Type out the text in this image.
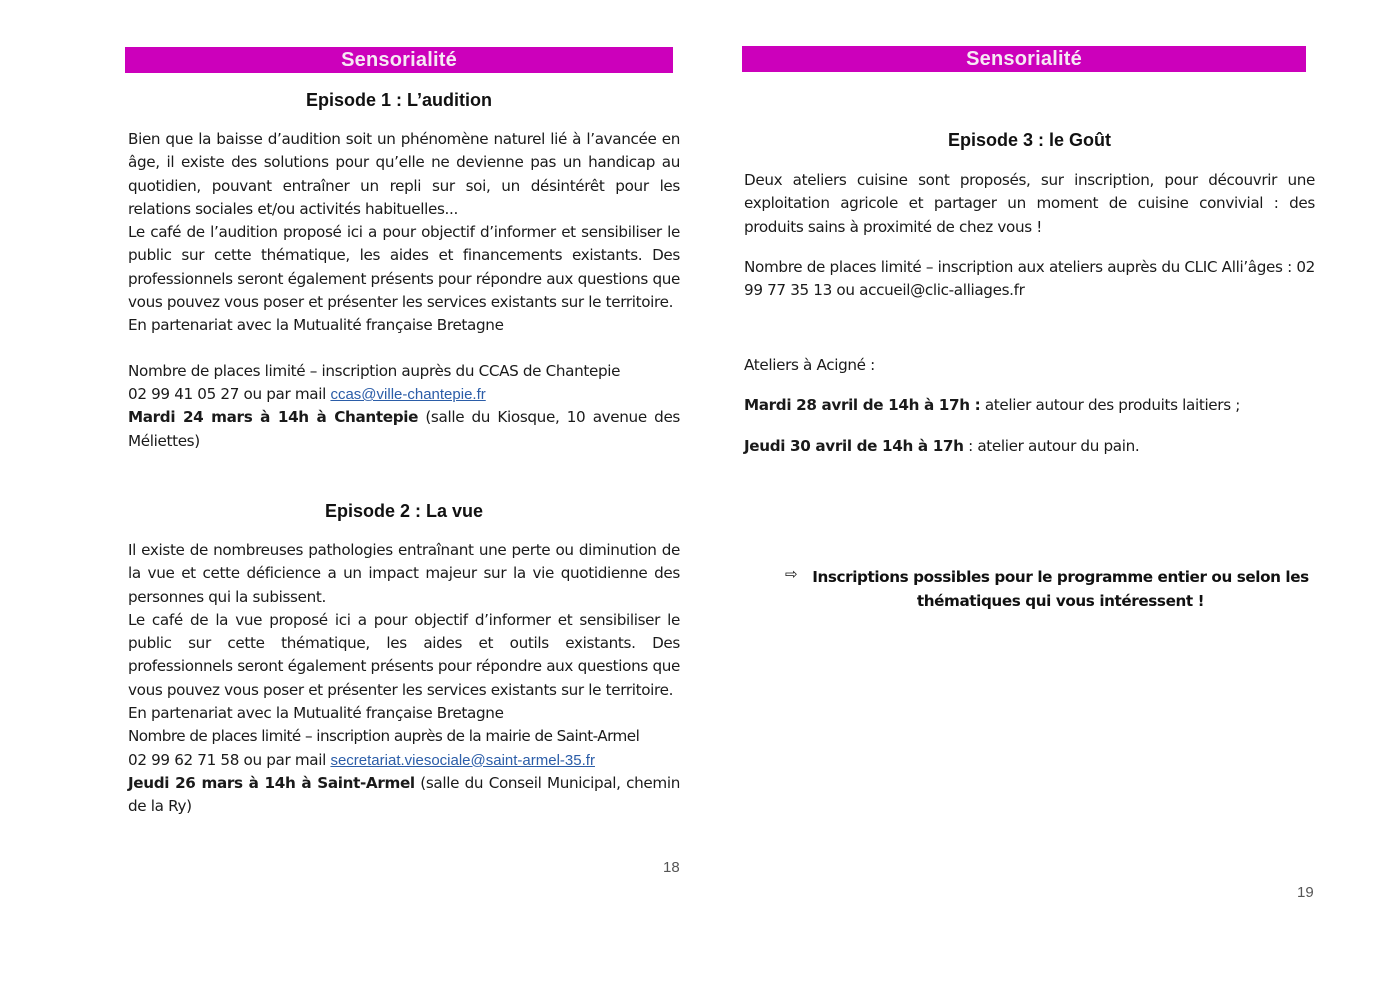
Sensorialité
Episode 1 : L’audition

Bien que la baisse d’audition soit un phénomène naturel lié à l’avancée en âge, il existe des solutions pour qu’elle ne devienne pas un handicap au quotidien, pouvant entraîner un repli sur soi, un désintérêt pour les relations sociales et/ou activités habituelles...

Le café de l’audition proposé ici a pour objectif d’informer et sensibiliser le public sur cette thématique, les aides et financements existants. Des professionnels seront également présents pour répondre aux questions que vous pouvez vous poser et présenter les services existants sur le territoire.

En partenariat avec la Mutualité française Bretagne

Nombre de places limité – inscription auprès du CCAS de Chantepie

02 99 41 05 27 ou par mail ccas@ville-chantepie.fr

Mardi 24 mars à 14h à Chantepie (salle du Kiosque, 10 avenue des Méliettes)

Episode 2 : La vue

Il existe de nombreuses pathologies entraînant une perte ou diminution de la vue et cette déficience a un impact majeur sur la vie quotidienne des personnes qui la subissent.

Le café de la vue proposé ici a pour objectif d’informer et sensibiliser le public sur cette thématique, les aides et outils existants. Des professionnels seront également présents pour répondre aux questions que vous pouvez vous poser et présenter les services existants sur le territoire.

En partenariat avec la Mutualité française Bretagne

Nombre de places limité – inscription auprès de la mairie de Saint-Armel

02 99 62 71 58 ou par mail secretariat.viesociale@saint-armel-35.fr

Jeudi 26 mars à 14h à Saint-Armel (salle du Conseil Municipal, chemin de la Ry)

18
Sensorialité
Episode 3 : le Goût

Deux ateliers cuisine sont proposés, sur inscription, pour découvrir une exploitation agricole et partager un moment de cuisine convivial : des produits sains à proximité de chez vous !

Nombre de places limité – inscription aux ateliers auprès du CLIC Alli’âges : 02 99 77 35 13 ou accueil@clic-alliages.fr

Ateliers à Acigné :

Mardi 28 avril de 14h à 17h : atelier autour des produits laitiers ;

Jeudi 30 avril de 14h à 17h : atelier autour du pain.

⇨ Inscriptions possibles pour le programme entier ou selon les thématiques qui vous intéressent !
19
